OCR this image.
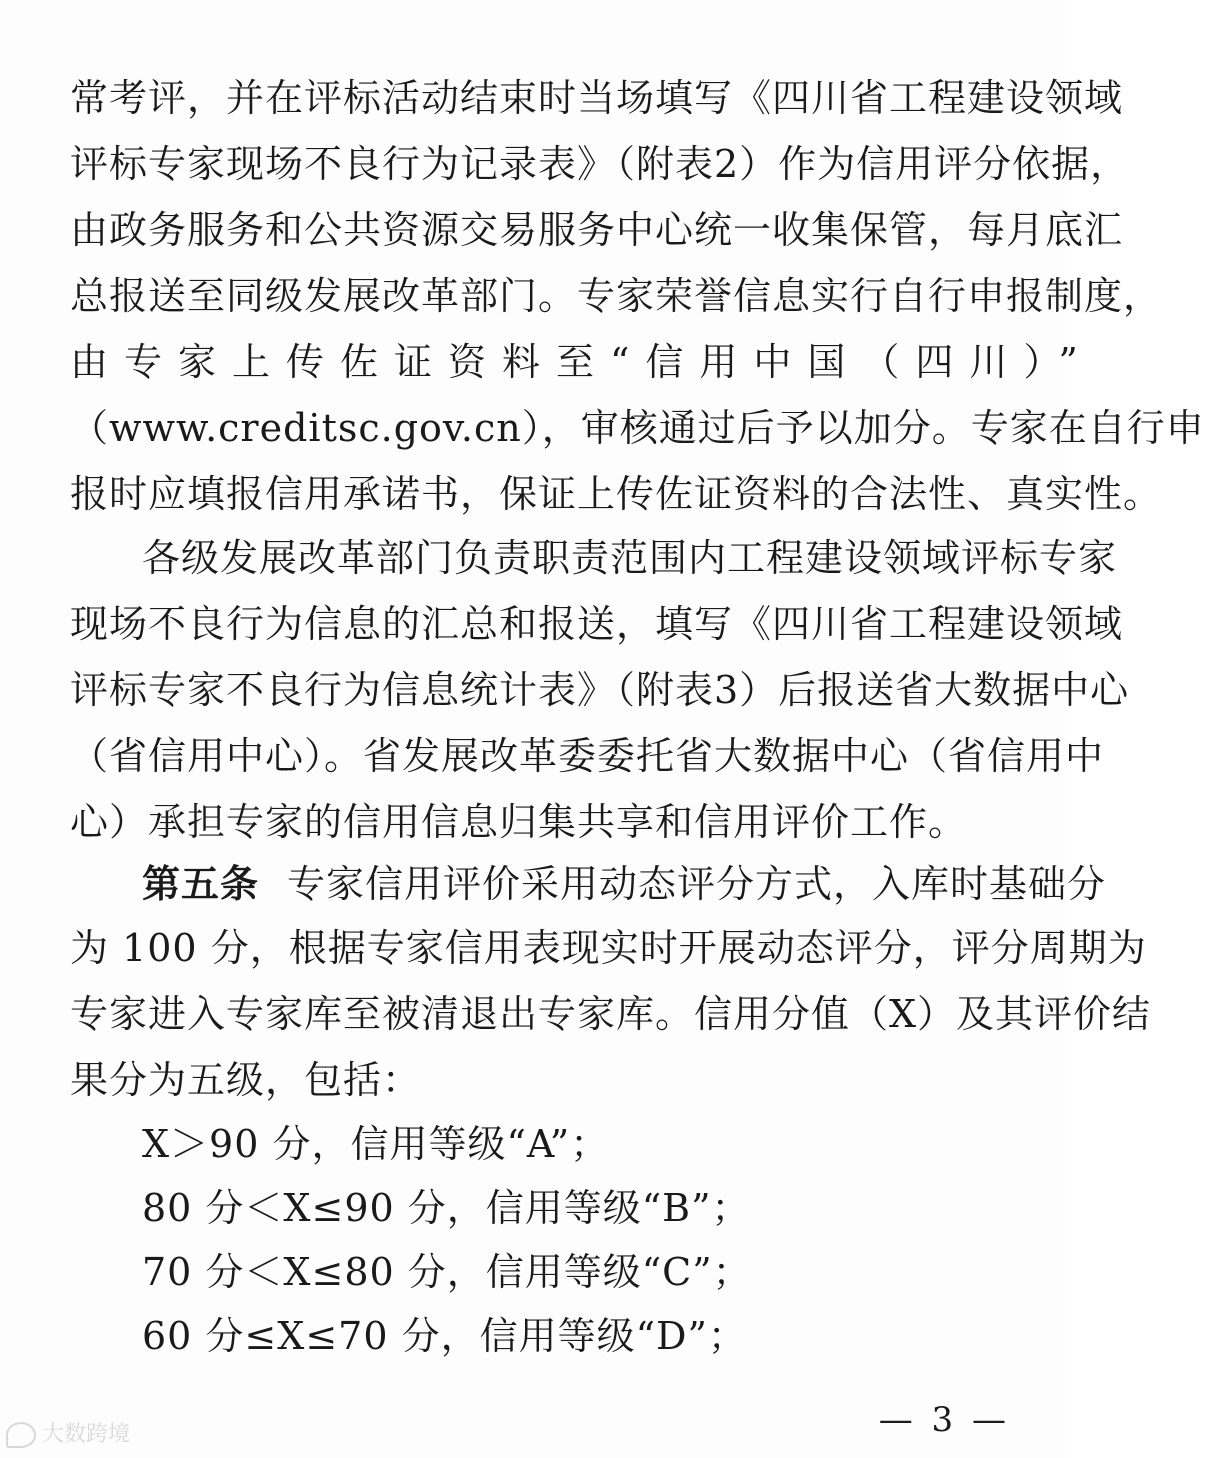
常考评，并在评标活动结束时当场填写《四川省工程建设领域
评标专家现场不良行为记录表》（附表2）作为信用评分依据，
由政务服务和公共资源交易服务中心统一收集保管，每月底汇
总报送至同级发展改革部门。专家荣誉信息实行自行申报制度，
由专家上传佐证资料至“信用中国（四川）”
（www.creditsc.gov.cn），审核通过后予以加分。专家在自行申
报时应填报信用承诺书，保证上传佐证资料的合法性、真实性。
各级发展改革部门负责职责范围内工程建设领域评标专家
现场不良行为信息的汇总和报送，填写《四川省工程建设领域
评标专家不良行为信息统计表》（附表3）后报送省大数据中心
（省信用中心）。省发展改革委委托省大数据中心（省信用中
心）承担专家的信用信息归集共享和信用评价工作。
第五条 专家信用评价采用动态评分方式，入库时基础分
为 100 分，根据专家信用表现实时开展动态评分，评分周期为
专家进入专家库至被清退出专家库。信用分值（X）及其评价结
果分为五级，包括：
X＞90 分，信用等级“A”；
80 分＜X≤90 分，信用等级“B”；
70 分＜X≤80 分，信用等级“C”；
60 分≤X≤70 分，信用等级“D”；
— 3 —
大数跨境
